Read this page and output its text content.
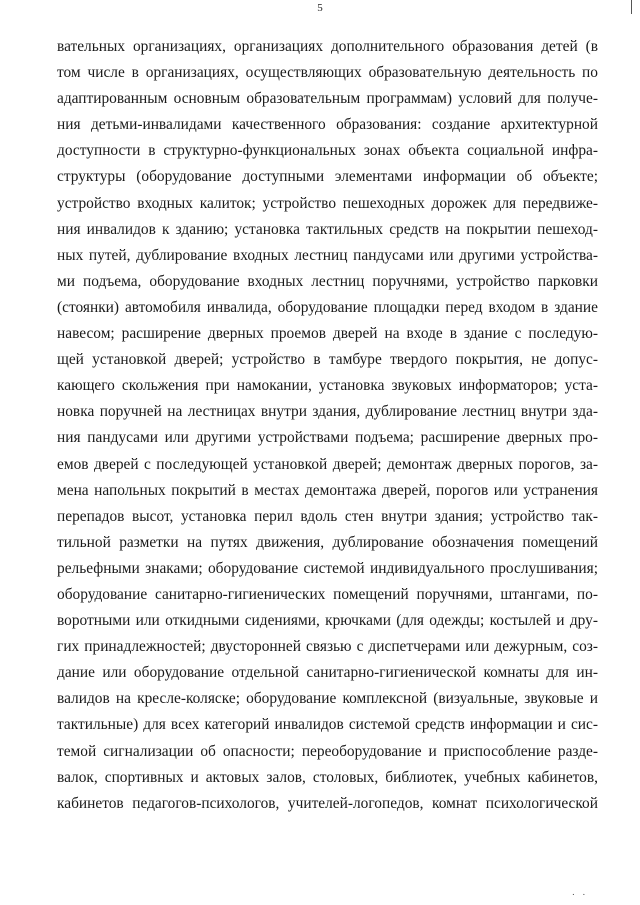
5
вательных организациях, организациях дополнительного образования детей (в
том числе в организациях, осуществляющих образовательную деятельность по
адаптированным основным образовательным программам) условий для получе-
ния детьми-инвалидами качественного образования: создание архитектурной
доступности в структурно-функциональных зонах объекта социальной инфра-
структуры (оборудование доступными элементами информации об объекте;
устройство входных калиток; устройство пешеходных дорожек для передвиже-
ния инвалидов к зданию; установка тактильных средств на покрытии пешеход-
ных путей, дублирование входных лестниц пандусами или другими устройства-
ми подъема, оборудование входных лестниц поручнями, устройство парковки
(стоянки) автомобиля инвалида, оборудование площадки перед входом в здание
навесом; расширение дверных проемов дверей на входе в здание с последую-
щей установкой дверей; устройство в тамбуре твердого покрытия, не допус-
кающего скольжения при намокании, установка звуковых информаторов; уста-
новка поручней на лестницах внутри здания, дублирование лестниц внутри зда-
ния пандусами или другими устройствами подъема; расширение дверных про-
емов дверей с последующей установкой дверей; демонтаж дверных порогов, за-
мена напольных покрытий в местах демонтажа дверей, порогов или устранения
перепадов высот, установка перил вдоль стен внутри здания; устройство так-
тильной разметки на путях движения, дублирование обозначения помещений
рельефными знаками; оборудование системой индивидуального прослушивания;
оборудование санитарно-гигиенических помещений поручнями, штангами, по-
воротными или откидными сидениями, крючками (для одежды; костылей и дру-
гих принадлежностей; двусторонней связью с диспетчерами или дежурным, соз-
дание или оборудование отдельной санитарно-гигиенической комнаты для ин-
валидов на кресле-коляске; оборудование комплексной (визуальные, звуковые и
тактильные) для всех категорий инвалидов системой средств информации и сис-
темой сигнализации об опасности; переоборудование и приспособление разде-
валок, спортивных и актовых залов, столовых, библиотек, учебных кабинетов,
кабинетов педагогов-психологов, учителей-логопедов, комнат психологической
. .
